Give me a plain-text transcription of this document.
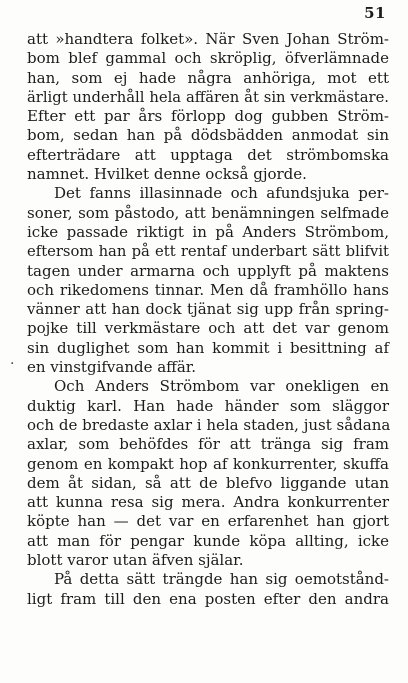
51
·
att »handtera folket». När Sven Johan Ström-
bom blef gammal och skröplig, öfverlämnade
han, som ej hade några anhöriga, mot ett
ärligt underhåll hela affären åt sin verkmästare.
Efter ett par års förlopp dog gubben Ström-
bom, sedan han på dödsbädden anmodat sin
efterträdare att upptaga det strömbomska
namnet. Hvilket denne också gjorde.
Det fanns illasinnade och afundsjuka per-
soner, som påstodo, att benämningen selfmade
icke passade riktigt in på Anders Strömbom,
eftersom han på ett rentaf underbart sätt blifvit
tagen under armarna och upplyft på maktens
och rikedomens tinnar. Men då framhöllo hans
vänner att han dock tjänat sig upp från spring-
pojke till verkmästare och att det var genom
sin duglighet som han kommit i besittning af
en vinstgifvande affär.
Och Anders Strömbom var onekligen en
duktig karl. Han hade händer som släggor
och de bredaste axlar i hela staden, just sådana
axlar, som behöfdes för att tränga sig fram
genom en kompakt hop af konkurrenter, skuffa
dem åt sidan, så att de blefvo liggande utan
att kunna resa sig mera. Andra konkurrenter
köpte han — det var en erfarenhet han gjort
att man för pengar kunde köpa allting, icke
blott varor utan äfven själar.
På detta sätt trängde han sig oemotstånd-
ligt fram till den ena posten efter den andra
